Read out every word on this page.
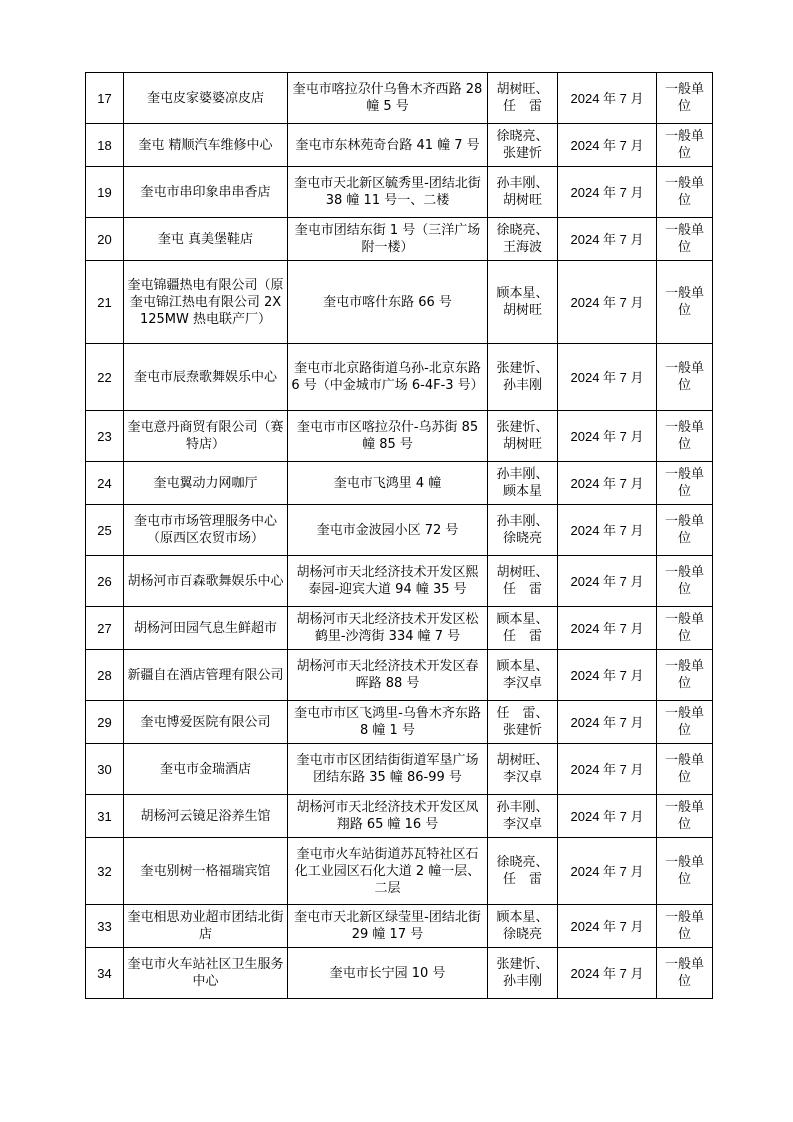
17	奎屯皮家婆婆凉皮店	奎屯市喀拉尕什乌鲁木齐西路 28 幢 5 号	胡树旺、
任　雷	2024 年 7 月	一般单位
18	奎屯 精顺汽车维修中心	奎屯市东林苑奇台路 41 幢 7 号	徐晓亮、
张建忻	2024 年 7 月	一般单位
19	奎屯市串印象串串香店	奎屯市天北新区毓秀里-团结北街 38 幢 11 号一、二楼	孙丰刚、
胡树旺	2024 年 7 月	一般单位
20	奎屯 真美堡鞋店	奎屯市团结东街 1 号（三洋广场附一楼）	徐晓亮、
王海波	2024 年 7 月	一般单位
21	奎屯锦疆热电有限公司（原奎屯锦江热电有限公司 2X125MW 热电联产厂）	奎屯市喀什东路 66 号	顾本星、
胡树旺	2024 年 7 月	一般单位
22	奎屯市辰焘歌舞娱乐中心	奎屯市北京路街道乌孙-北京东路 6 号（中金城市广场 6-4F-3 号）	张建忻、
孙丰刚	2024 年 7 月	一般单位
23	奎屯意丹商贸有限公司（赛特店）	奎屯市市区喀拉尕什-乌苏街 85 幢 85 号	张建忻、
胡树旺	2024 年 7 月	一般单位
24	奎屯翼动力网咖厅	奎屯市飞鸿里 4 幢	孙丰刚、
顾本星	2024 年 7 月	一般单位
25	奎屯市市场管理服务中心（原西区农贸市场）	奎屯市金波园小区 72 号	孙丰刚、
徐晓亮	2024 年 7 月	一般单位
26	胡杨河市百森歌舞娱乐中心	胡杨河市天北经济技术开发区熙泰园-迎宾大道 94 幢 35 号	胡树旺、
任　雷	2024 年 7 月	一般单位
27	胡杨河田园气息生鲜超市	胡杨河市天北经济技术开发区松鹤里-沙湾街 334 幢 7 号	顾本星、
任　雷	2024 年 7 月	一般单位
28	新疆自在酒店管理有限公司	胡杨河市天北经济技术开发区春晖路 88 号	顾本星、
李汉卓	2024 年 7 月	一般单位
29	奎屯博爱医院有限公司	奎屯市市区飞鸿里-乌鲁木齐东路 8 幢 1 号	任　雷、
张建忻	2024 年 7 月	一般单位
30	奎屯市金瑞酒店	奎屯市市区团结街街道军垦广场团结东路 35 幢 86-99 号	胡树旺、
李汉卓	2024 年 7 月	一般单位
31	胡杨河云镜足浴养生馆	胡杨河市天北经济技术开发区凤翔路 65 幢 16 号	孙丰刚、
李汉卓	2024 年 7 月	一般单位
32	奎屯别树一格福瑞宾馆	奎屯市火车站街道苏瓦特社区石化工业园区石化大道 2 幢一层、二层	徐晓亮、
任　雷	2024 年 7 月	一般单位
33	奎屯相思劝业超市团结北街店	奎屯市天北新区绿莹里-团结北街 29 幢 17 号	顾本星、
徐晓亮	2024 年 7 月	一般单位
34	奎屯市火车站社区卫生服务中心	奎屯市长宁园 10 号	张建忻、
孙丰刚	2024 年 7 月	一般单位
